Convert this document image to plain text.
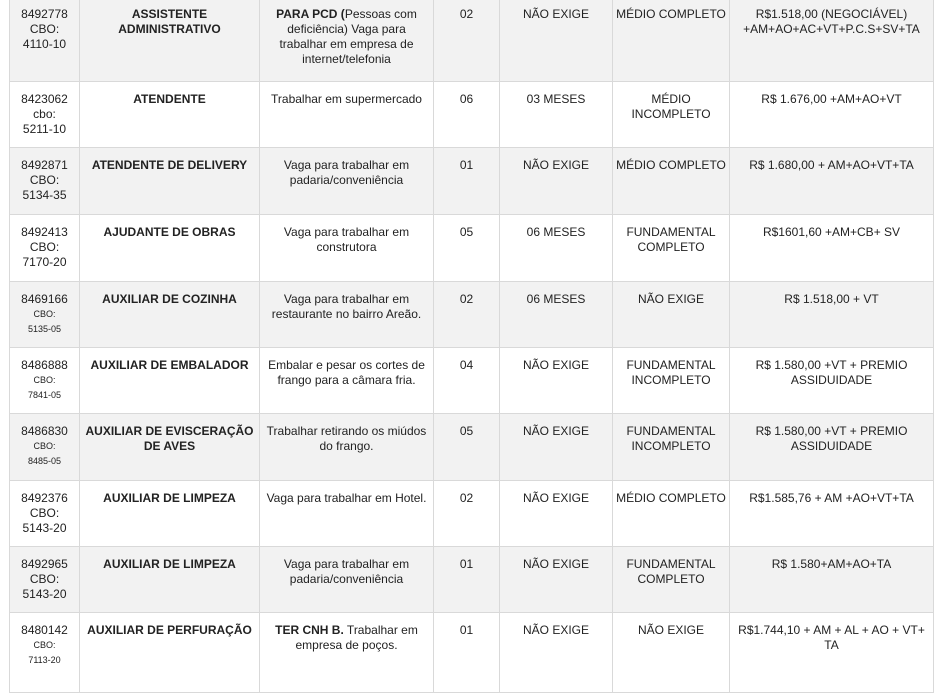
8492778
CBO:
4110-10	ASSISTENTE ADMINISTRATIVO	PARA PCD (Pessoas com deficiência) Vaga para trabalhar em empresa de internet/telefonia	02	NÃO EXIGE	MÉDIO COMPLETO	R$1.518,00 (NEGOCIÁVEL) +AM+AO+AC+VT+P.C.S+SV+TA

8423062
cbo:
5211-10	ATENDENTE	Trabalhar em supermercado	06	03 MESES	MÉDIO INCOMPLETO	R$ 1.676,00 +AM+AO+VT

8492871
CBO:
5134-35	ATENDENTE DE DELIVERY	Vaga para trabalhar em padaria/conveniência	01	NÃO EXIGE	MÉDIO COMPLETO	R$ 1.680,00 + AM+AO+VT+TA

8492413
CBO:
7170-20	AJUDANTE DE OBRAS	Vaga para trabalhar em construtora	05	06 MESES	FUNDAMENTAL COMPLETO	R$1601,60 +AM+CB+ SV

8469166
CBO:
5135-05	AUXILIAR DE COZINHA	Vaga para trabalhar em restaurante no bairro Areão.	02	06 MESES	NÃO EXIGE	R$ 1.518,00 + VT

8486888
CBO:
7841-05	AUXILIAR DE EMBALADOR	Embalar e pesar os cortes de frango para a câmara fria.	04	NÃO EXIGE	FUNDAMENTAL INCOMPLETO	R$ 1.580,00 +VT + PREMIO ASSIDUIDADE

8486830
CBO:
8485-05	AUXILIAR DE EVISCERAÇÃO DE AVES	Trabalhar retirando os miúdos do frango.	05	NÃO EXIGE	FUNDAMENTAL INCOMPLETO	R$ 1.580,00 +VT + PREMIO ASSIDUIDADE

8492376
CBO:
5143-20	AUXILIAR DE LIMPEZA	Vaga para trabalhar em Hotel.	02	NÃO EXIGE	MÉDIO COMPLETO	R$1.585,76 + AM +AO+VT+TA

8492965
CBO:
5143-20	AUXILIAR DE LIMPEZA	Vaga para trabalhar em padaria/conveniência	01	NÃO EXIGE	FUNDAMENTAL COMPLETO	R$ 1.580+AM+AO+TA

8480142
CBO:
7113-20	AUXILIAR DE PERFURAÇÃO	TER CNH B. Trabalhar em empresa de poços.	01	NÃO EXIGE	NÃO EXIGE	R$1.744,10 + AM + AL + AO + VT+ TA
